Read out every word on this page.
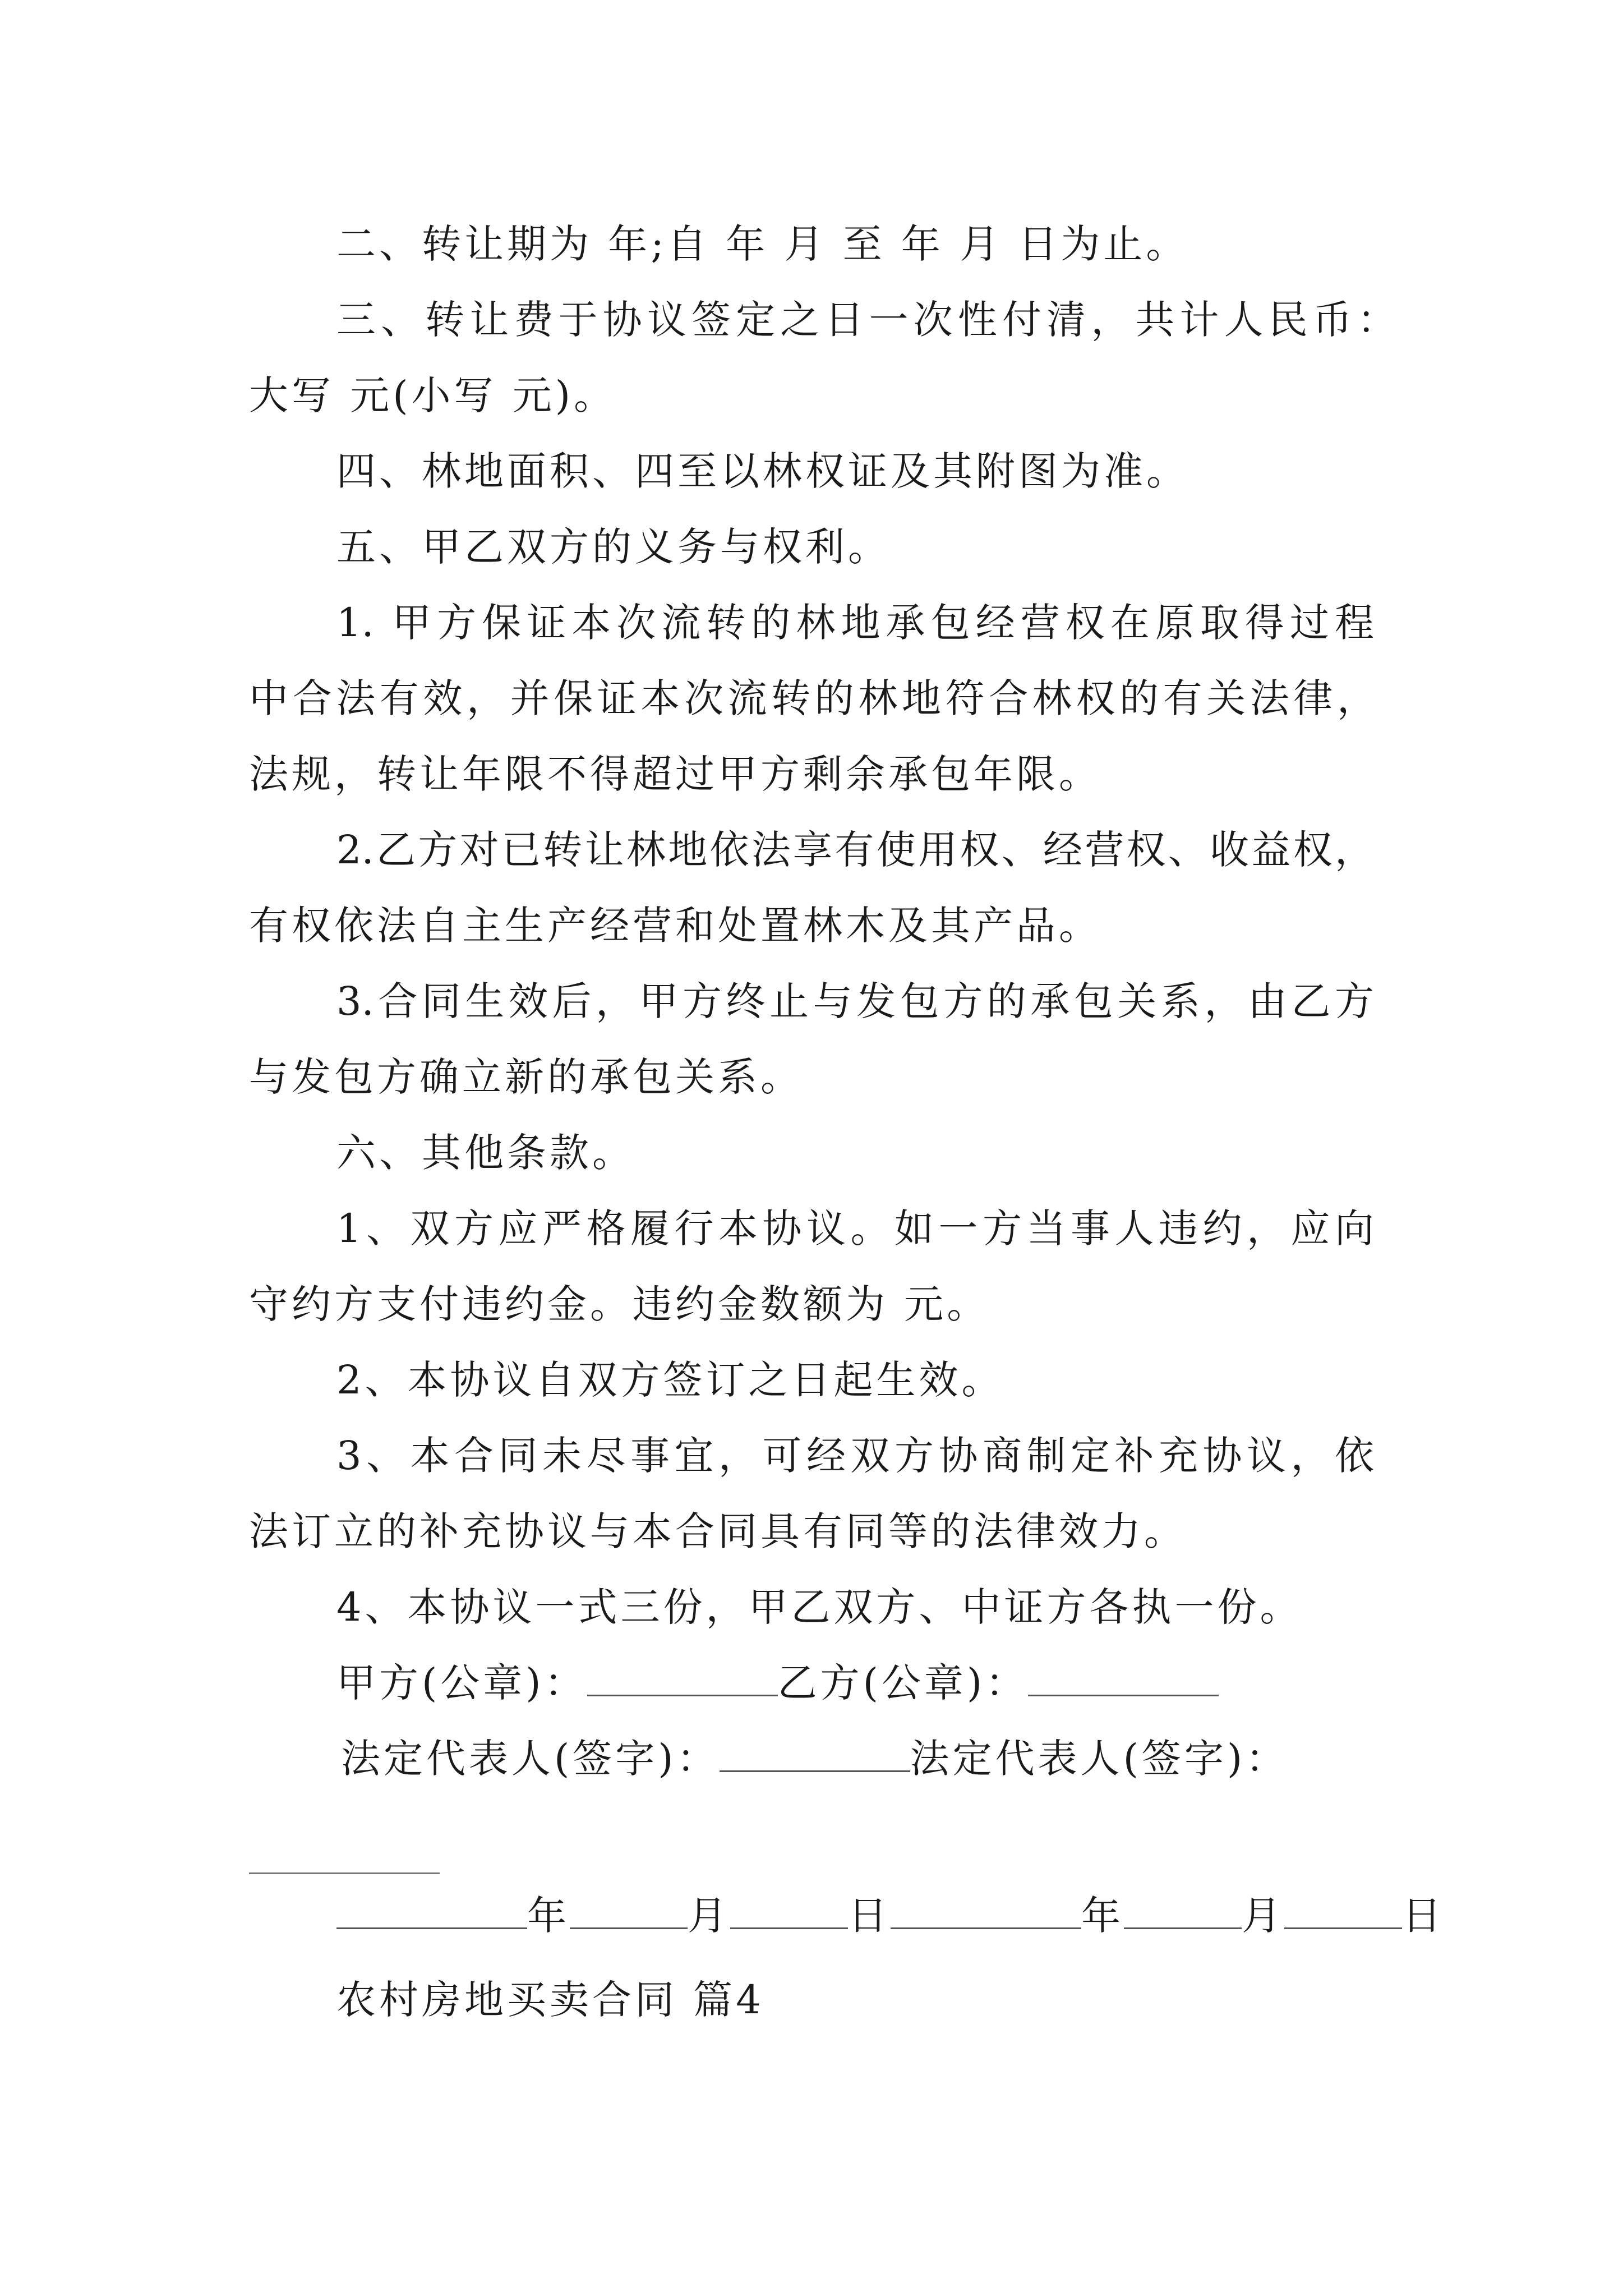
二、转让期为 年;自 年 月 至 年 月 日为止。
三、转让费于协议签定之日一次性付清，共计人民币：
大写 元(小写 元)。
四、林地面积、四至以林权证及其附图为准。
五、甲乙双方的义务与权利。
1. 甲方保证本次流转的林地承包经营权在原取得过程
中合法有效，并保证本次流转的林地符合林权的有关法律，
法规，转让年限不得超过甲方剩余承包年限。
2.乙方对已转让林地依法享有使用权、经营权、收益权，
有权依法自主生产经营和处置林木及其产品。
3.合同生效后，甲方终止与发包方的承包关系，由乙方
与发包方确立新的承包关系。
六、其他条款。
1、双方应严格履行本协议。如一方当事人违约，应向
守约方支付违约金。违约金数额为 元。
2、本协议自双方签订之日起生效。
3、本合同未尽事宜，可经双方协商制定补充协议，依
法订立的补充协议与本合同具有同等的法律效力。
4、本协议一式三份，甲乙双方、中证方各执一份。
甲方(公章)：	乙方(公章)：
法定代表人(签字)：	法定代表人(签字)：
年	月	日	年	月	日
农村房地买卖合同 篇4
